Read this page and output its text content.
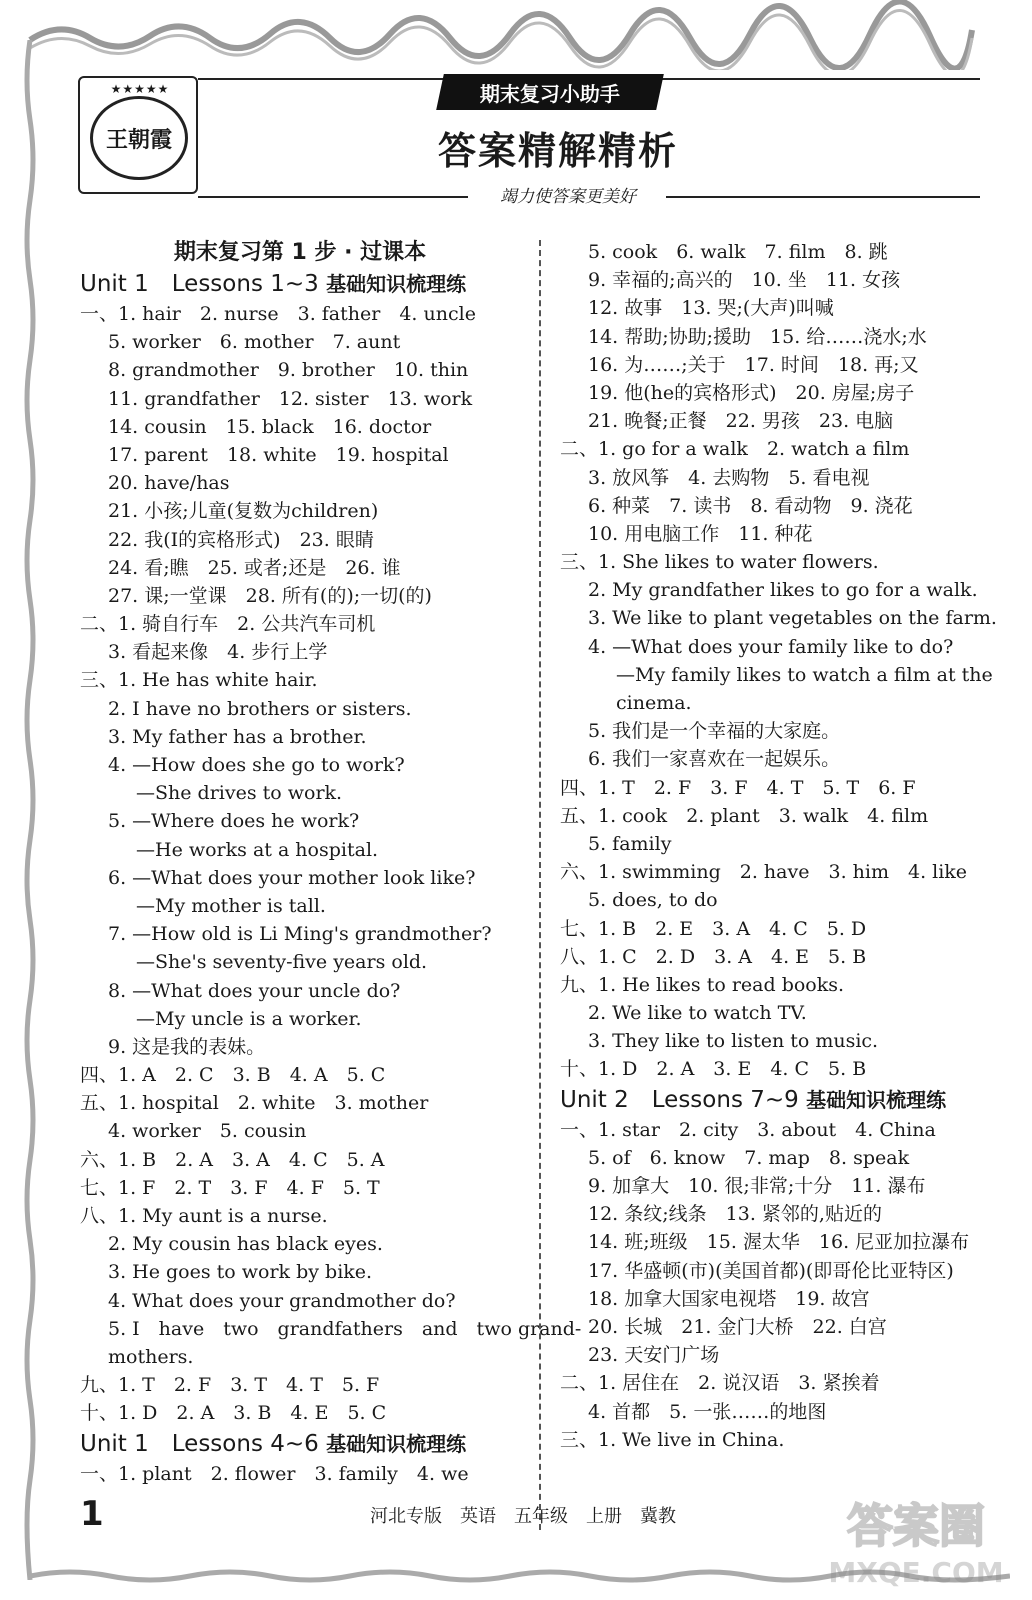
★★★★★
王朝霞
期末复习小助手
答案精解精析
竭力使答案更美好
期末复习第 1 步 · 过课本
Unit 1　Lessons 1~3 基础知识梳理练
一、1. hair　2. nurse　3. father　4. uncle
5. worker　6. mother　7. aunt
8. grandmother　9. brother　10. thin
11. grandfather　12. sister　13. work
14. cousin　15. black　16. doctor
17. parent　18. white　19. hospital
20. have/has
21. 小孩;儿童(复数为children)
22. 我(I的宾格形式)　23. 眼睛
24. 看;瞧　25. 或者;还是　26. 谁
27. 课;一堂课　28. 所有(的);一切(的)
二、1. 骑自行车　2. 公共汽车司机
3. 看起来像　4. 步行上学
三、1. He has white hair.
2. I have no brothers or sisters.
3. My father has a brother.
4. —How does she go to work?
—She drives to work.
5. —Where does he work?
—He works at a hospital.
6. —What does your mother look like?
—My mother is tall.
7. —How old is Li Ming's grandmother?
—She's seventy-five years old.
8. —What does your uncle do?
—My uncle is a worker.
9. 这是我的表妹。
四、1. A　2. C　3. B　4. A　5. C
五、1. hospital　2. white　3. mother
4. worker　5. cousin
六、1. B　2. A　3. A　4. C　5. A
七、1. F　2. T　3. F　4. F　5. T
八、1. My aunt is a nurse.
2. My cousin has black eyes.
3. He goes to work by bike.
4. What does your grandmother do?
5. I　have　two　grandfathers　and　two grand-
mothers.
九、1. T　2. F　3. T　4. T　5. F
十、1. D　2. A　3. B　4. E　5. C
Unit 1　Lessons 4~6 基础知识梳理练
一、1. plant　2. flower　3. family　4. we
5. cook　6. walk　7. film　8. 跳
9. 幸福的;高兴的　10. 坐　11. 女孩
12. 故事　13. 哭;(大声)叫喊
14. 帮助;协助;援助　15. 给……浇水;水
16. 为……;关于　17. 时间　18. 再;又
19. 他(he的宾格形式)　20. 房屋;房子
21. 晚餐;正餐　22. 男孩　23. 电脑
二、1. go for a walk　2. watch a film
3. 放风筝　4. 去购物　5. 看电视
6. 种菜　7. 读书　8. 看动物　9. 浇花
10. 用电脑工作　11. 种花
三、1. She likes to water flowers.
2. My grandfather likes to go for a walk.
3. We like to plant vegetables on the farm.
4. —What does your family like to do?
—My family likes to watch a film at the
cinema.
5. 我们是一个幸福的大家庭。
6. 我们一家喜欢在一起娱乐。
四、1. T　2. F　3. F　4. T　5. T　6. F
五、1. cook　2. plant　3. walk　4. film
5. family
六、1. swimming　2. have　3. him　4. like
5. does, to do
七、1. B　2. E　3. A　4. C　5. D
八、1. C　2. D　3. A　4. E　5. B
九、1. He likes to read books.
2. We like to watch TV.
3. They like to listen to music.
十、1. D　2. A　3. E　4. C　5. B
Unit 2　Lessons 7~9 基础知识梳理练
一、1. star　2. city　3. about　4. China
5. of　6. know　7. map　8. speak
9. 加拿大　10. 很;非常;十分　11. 瀑布
12. 条纹;线条　13. 紧邻的,贴近的
14. 班;班级　15. 渥太华　16. 尼亚加拉瀑布
17. 华盛顿(市)(美国首都)(即哥伦比亚特区)
18. 加拿大国家电视塔　19. 故宫
20. 长城　21. 金门大桥　22. 白宫
23. 天安门广场
二、1. 居住在　2. 说汉语　3. 紧挨着
4. 首都　5. 一张……的地图
三、1. We live in China.
1	河北专版　英语　五年级　上册　冀教	答案圈
MXQE.COM
